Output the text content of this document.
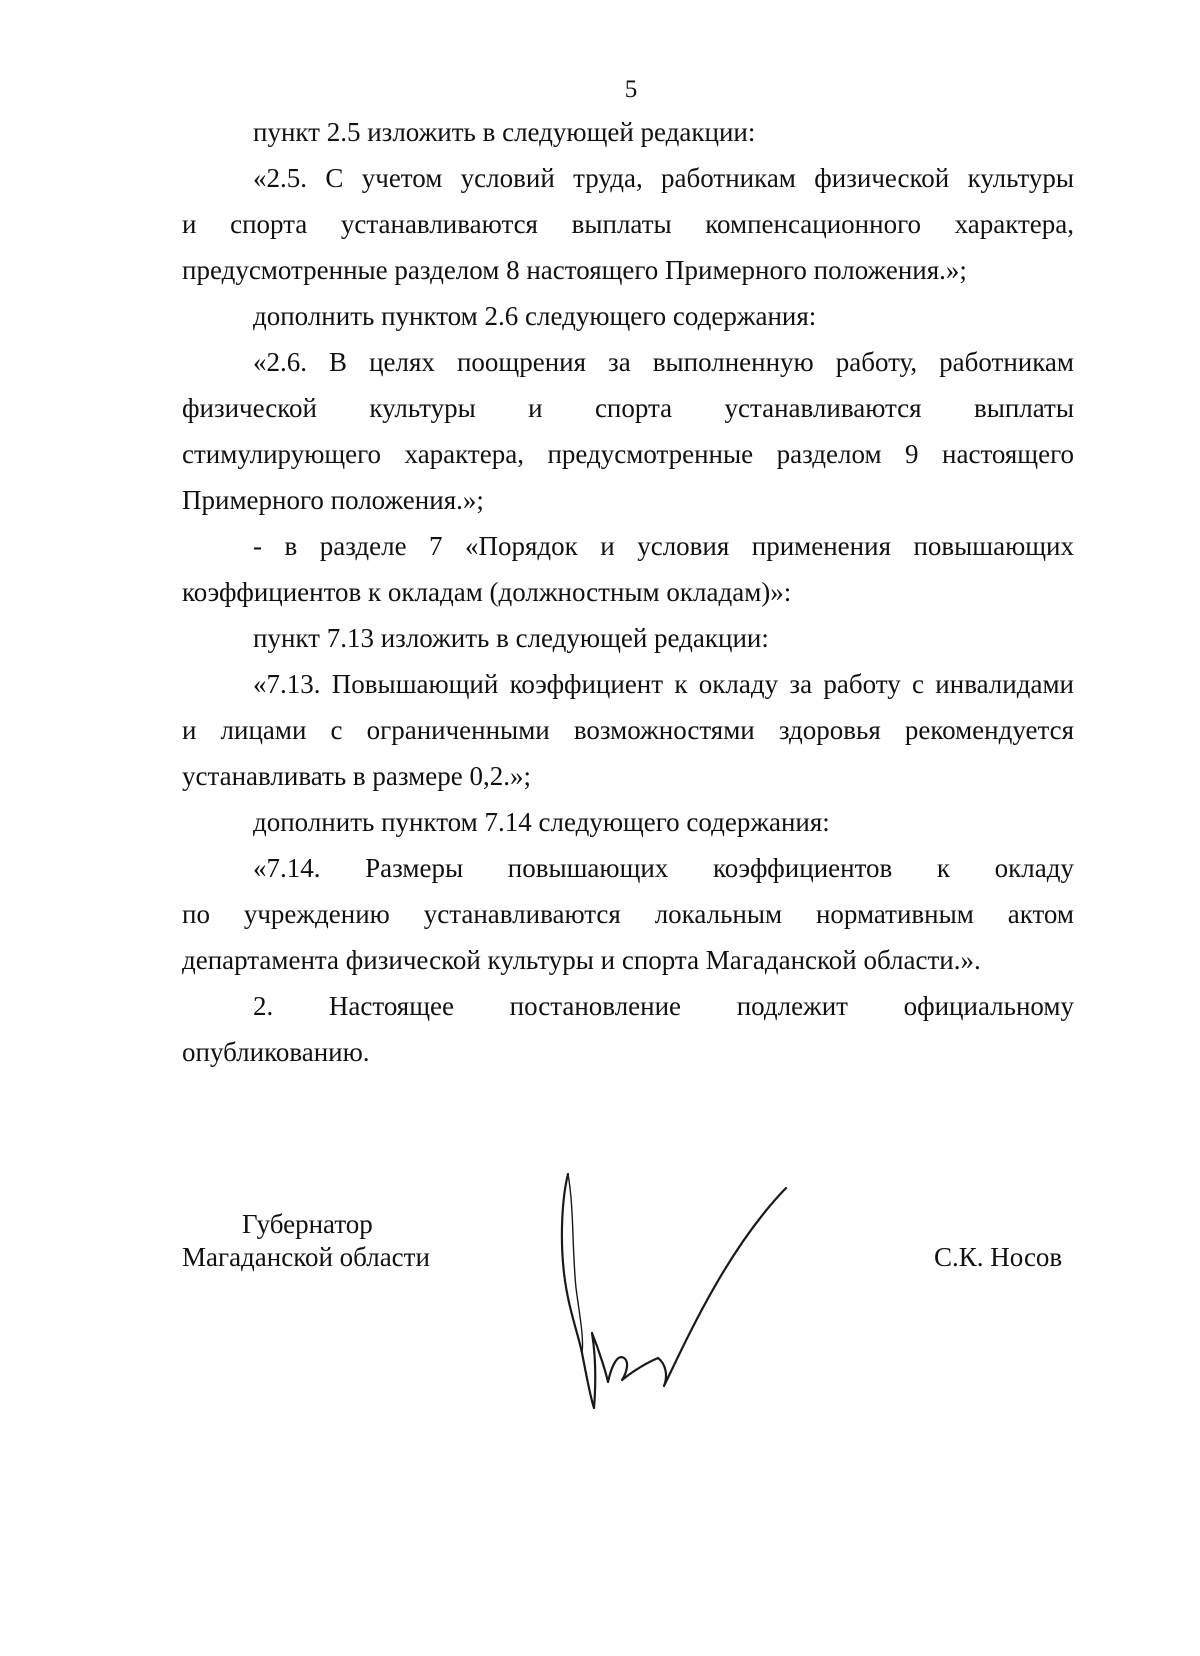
5
пункт 2.5 изложить в следующей редакции:
«2.5. С учетом условий труда, работникам физической культуры
и спорта устанавливаются выплаты компенсационного характера,
предусмотренные разделом 8 настоящего Примерного положения.»;
дополнить пунктом 2.6 следующего содержания:
«2.6. В целях поощрения за выполненную работу, работникам
физической культуры и спорта устанавливаются выплаты
стимулирующего характера, предусмотренные разделом 9 настоящего
Примерного положения.»;
- в разделе 7 «Порядок и условия применения повышающих
коэффициентов к окладам (должностным окладам)»:
пункт 7.13 изложить в следующей редакции:
«7.13. Повышающий коэффициент к окладу за работу с инвалидами
и лицами с ограниченными возможностями здоровья рекомендуется
устанавливать в размере 0,2.»;
дополнить пунктом 7.14 следующего содержания:
«7.14. Размеры повышающих коэффициентов к окладу
по учреждению устанавливаются локальным нормативным актом
департамента физической культуры и спорта Магаданской области.».
2. Настоящее постановление подлежит официальному
опубликованию.
Губернатор
Магаданской области	С.К. Носов
